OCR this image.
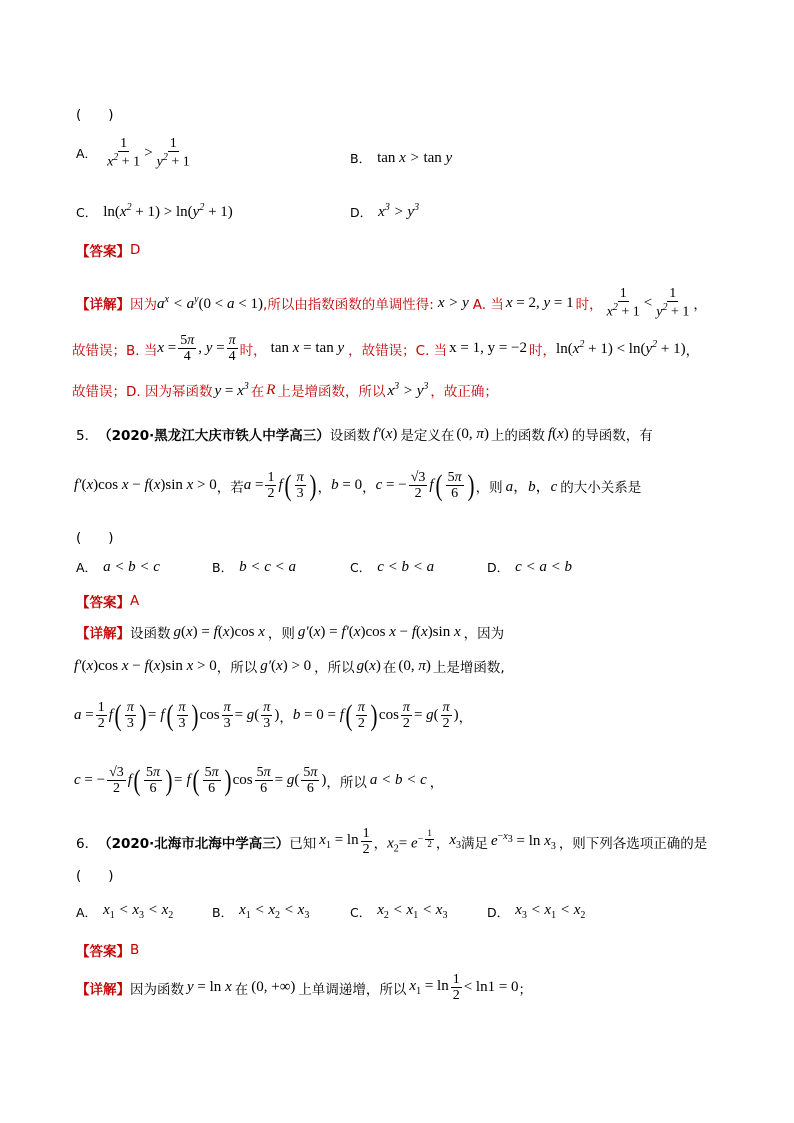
(　　)
A． $\frac{1}{x^2 + 1} > \frac{1}{y^2 + 1}$	B． tan x > tan y
C． $\ln(x^2 + 1) > \ln(y^2 + 1)$	D． $x^3 > y^3$
【答案】 D
【详解】 因为 $a^x < a^y(0 < a < 1)$ ,所以由指数函数的单调性得: x > y A. 当 x = 2, y = 1 时， $\frac{1}{x^2 + 1} < \frac{1}{y^2 + 1}$ ，
故错误；B. 当 $x = \frac{5\pi}{4}$ , $y = \frac{\pi}{4}$ 时， tan x = tan y ，故错误；C. 当 x = 1, y = −2 时， $\ln(x^2 + 1) < \ln(y^2 + 1)$ ，
故错误；D. 因为幂函数 $y = x^3$ 在 R 上是增函数，所以 $x^3 > y^3$ ，故正确；
5． （2020·黑龙江大庆市铁人中学高三） 设函数 f′(x) 是定义在 (0, π) 上的函数 f(x) 的导函数，有
f′(x)cos x − f(x)sin x > 0 ，若 $a = \frac{1}{2}$ f ( $\frac{\pi}{3}$ ) ， b = 0 ， c = − $\frac{√3}{2}$ f ( $\frac{5\pi}{6}$ ) ，则 a，b，c 的大小关系是
(　　)
A． a < b < c	B． b < c < a	C． c < b < a	D． c < a < b
【答案】 A
【详解】 设函数 g(x) = f(x)cos x ，则 g′(x) = f′(x)cos x − f(x)sin x ，因为
f′(x)cos x − f(x)sin x > 0 ，所以 g′(x) > 0 ，所以 g(x) 在 (0, π) 上是增函数,
$a = \frac{1}{2}$ f ( $\frac{\pi}{3}$ ) = f ( $\frac{\pi}{3}$ ) $\cos \frac{\pi}{3} = g( \frac{\pi}{3}$ ) ， b = 0 = f ( $\frac{\pi}{2}$ ) $\cos \frac{\pi}{2} = g( \frac{\pi}{2}$ ) ，
c = − $\frac{√3}{2}$ f ( $\frac{5\pi}{6}$ ) = f ( $\frac{5\pi}{6}$ ) $\cos \frac{5\pi}{6} = g( \frac{5\pi}{6}$ ) ，所以 a < b < c ，
6． （2020·北海市北海中学高三） 已知 $x_1 = \ln \frac{1}{2}$ ， $x_2= e^{- \frac{1}{2}}$ ， $x_3$ 满足 $e^{-x_3} = \ln x_3$ ，则下列各选项正确的是
(　　)
A． $x_1 < x_3 < x_2$	B． $x_1 < x_2 < x_3$	C． $x_2 < x_1 < x_3$	D． $x_3 < x_1 < x_2$
【答案】 B
【详解】 因为函数 y = ln x 在 (0, +∞) 上单调递增，所以 $x_1 = \ln \frac{1}{2} < \ln 1 = 0$ ；
